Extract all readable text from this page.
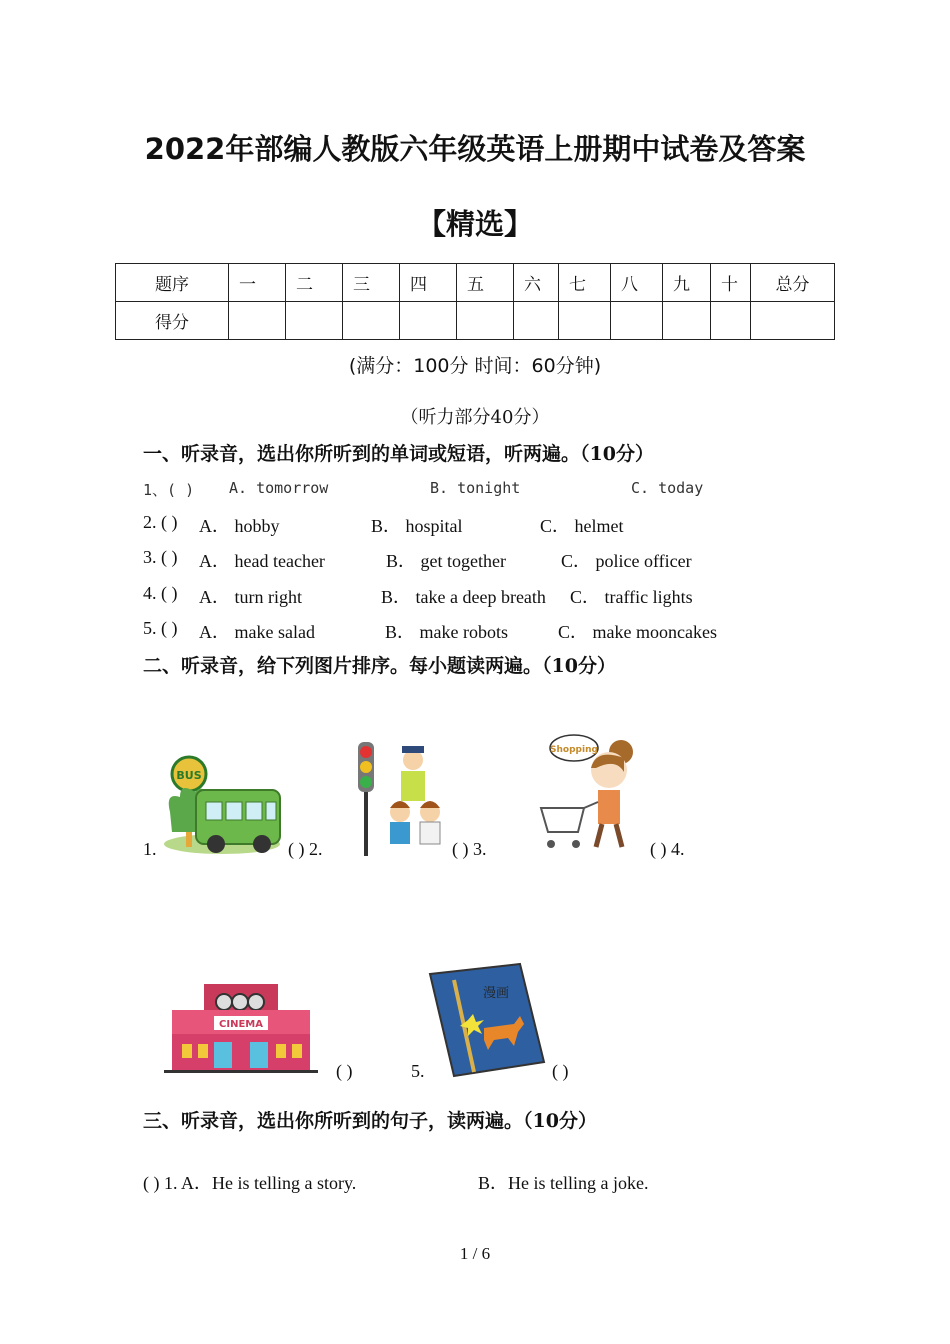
2022年部编人教版六年级英语上册期中试卷及答案
【精选】
题序	一	二	三	四	五	六	七	八	九	十	总分
得分											
(满分：100分 时间：60分钟)
（听力部分40分）
一、听录音，选出你所听到的单词或短语，听两遍。（10分）
1、( ) A. tomorrow	B. tonight	C. today
2. ( ) A． hobby	B． hospital	C． helmet
3. ( ) A． head teacher	B． get together	C． police officer
4. ( ) A． turn right	B． take a deep breath C． traffic lights
5. ( ) A． make salad	B． make robots	C． make mooncakes
二、听录音，给下列图片排序。每小题读两遍。（10分）
BUS
Shopping
1.	( ) 2.	( ) 3.	( ) 4.
CINEMA
漫画
( )	5.	( )
三、听录音，选出你所听到的句子，读两遍。（10分）
( ) 1. A．He is telling a story.	B．He is telling a joke.
1 / 6
